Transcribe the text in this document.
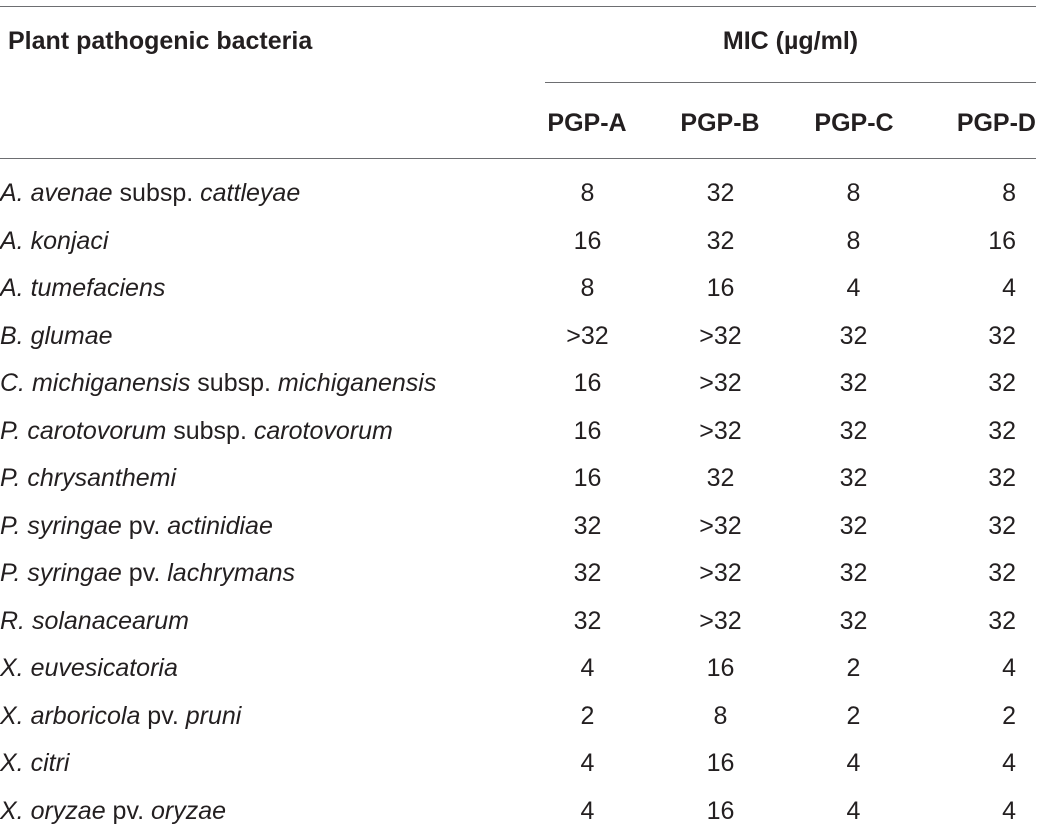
Plant pathogenic bacteria	MIC (µg/ml)
PGP-A	PGP-B	PGP-C	PGP-D
A. avenae subsp. cattleyae	8	32	8	8
A. konjaci	16	32	8	16
A. tumefaciens	8	16	4	4
B. glumae	>32	>32	32	32
C. michiganensis subsp. michiganensis	16	>32	32	32
P. carotovorum subsp. carotovorum	16	>32	32	32
P. chrysanthemi	16	32	32	32
P. syringae pv. actinidiae	32	>32	32	32
P. syringae pv. lachrymans	32	>32	32	32
R. solanacearum	32	>32	32	32
X. euvesicatoria	4	16	2	4
X. arboricola pv. pruni	2	8	2	2
X. citri	4	16	4	4
X. oryzae pv. oryzae	4	16	4	4
